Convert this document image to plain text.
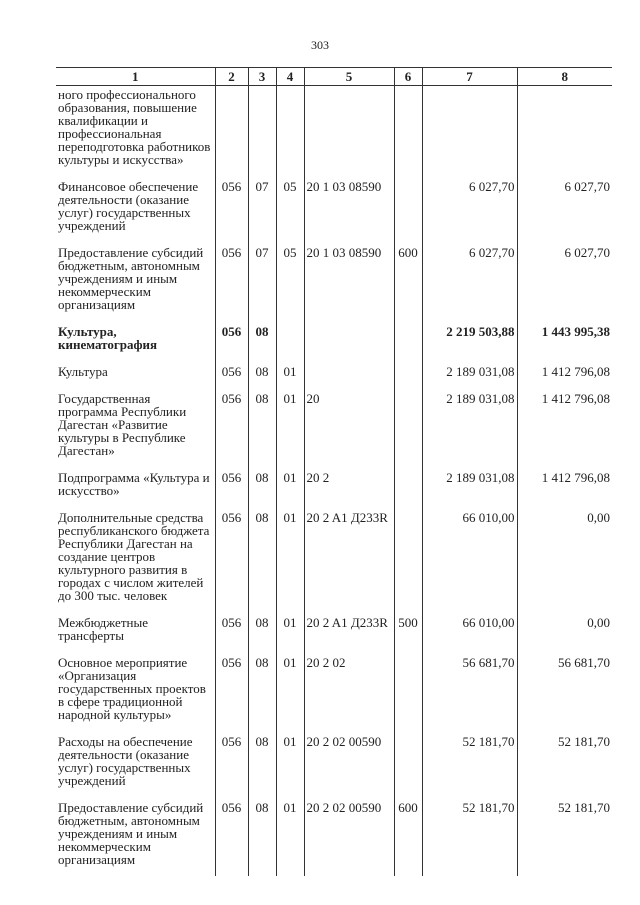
303
1	2	3	4	5	6	7	8
ного профессионального образования, повышение квалификации и профессиональная переподготовка работников культуры и искусства»							
Финансовое обеспечение деятельности (оказание услуг) государственных учреждений	056	07	05	20 1 03 08590		6 027,70	6 027,70
Предоставление субсидий бюджетным, автономным учреждениям и иным некоммерческим организациям	056	07	05	20 1 03 08590	600	6 027,70	6 027,70
Культура, кинематография	056	08				2 219 503,88	1 443 995,38
Культура	056	08	01			2 189 031,08	1 412 796,08
Государственная программа Республики Дагестан «Развитие культуры в Республике Дагестан»	056	08	01	20		2 189 031,08	1 412 796,08
Подпрограмма «Культура и искусство»	056	08	01	20 2		2 189 031,08	1 412 796,08
Дополнительные средства республиканского бюджета Республики Дагестан на создание центров культурного развития в городах с числом жителей до 300 тыс. человек	056	08	01	20 2 A1 Д233R		66 010,00	0,00
Межбюджетные трансферты	056	08	01	20 2 A1 Д233R	500	66 010,00	0,00
Основное мероприятие «Организация государственных проектов в сфере традиционной народной культуры»	056	08	01	20 2 02		56 681,70	56 681,70
Расходы на обеспечение деятельности (оказание услуг) государственных учреждений	056	08	01	20 2 02 00590		52 181,70	52 181,70
Предоставление субсидий бюджетным, автономным учреждениям и иным некоммерческим организациям	056	08	01	20 2 02 00590	600	52 181,70	52 181,70
